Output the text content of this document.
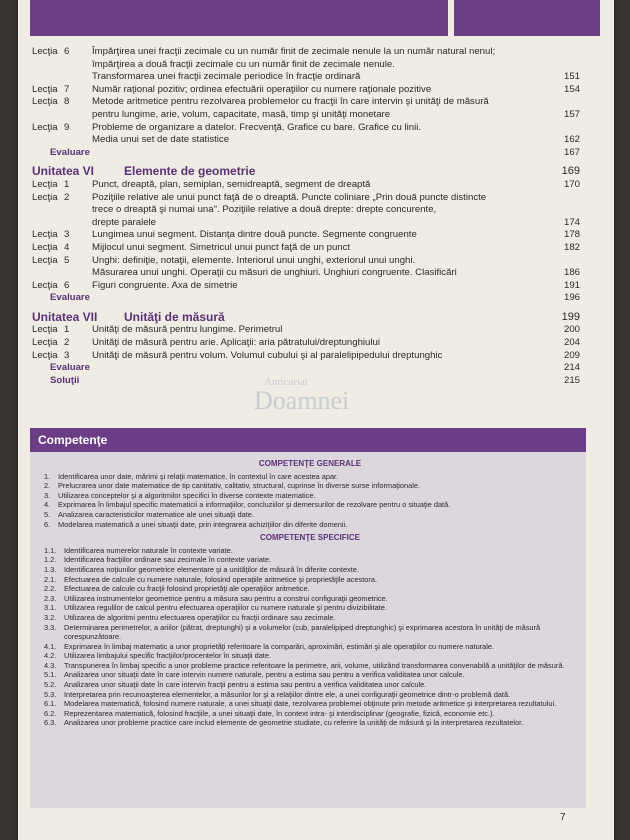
Lecţia 6	Împărţirea unei fracţii zecimale cu un număr finit de zecimale nenule la un număr natural nenul;
împărţirea a două fracţii zecimale cu un număr finit de zecimale nenule.
Transformarea unei fracţii zecimale periodice în fracţie ordinară	151
Lecţia 7	Număr raţional pozitiv; ordinea efectuării operaţiilor cu numere raţionale pozitive	154
Lecţia 8	Metode aritmetice pentru rezolvarea problemelor cu fracţii în care intervin şi unităţi de măsură
pentru lungime, arie, volum, capacitate, masă, timp şi unităţi monetare	157
Lecţia 9	Probleme de organizare a datelor. Frecvenţă. Grafice cu bare. Grafice cu linii.
Media unui set de date statistice	162
Evaluare	167
Unitatea VI	Elemente de geometrie	169
Lecţia 1	Punct, dreaptă, plan, semiplan, semidreaptă, segment de dreaptă	170
Lecţia 2	Poziţiile relative ale unui punct faţă de o dreaptă. Puncte coliniare „Prin două puncte distincte
trece o dreaptă şi numai una". Poziţiile relative a două drepte: drepte concurente,
drepte paralele	174
Lecţia 3	Lungimea unui segment. Distanţa dintre două puncte. Segmente congruente	178
Lecţia 4	Mijlocul unui segment. Simetricul unui punct faţă de un punct	182
Lecţia 5	Unghi: definiţie, notaţii, elemente. Interiorul unui unghi, exteriorul unui unghi.
Măsurarea unui unghi. Operaţii cu măsuri de unghiuri. Unghiuri congruente. Clasificări	186
Lecţia 6	Figuri congruente. Axa de simetrie	191
Evaluare	196
Unitatea VII	Unităţi de măsură	199
Lecţia 1	Unităţi de măsură pentru lungime. Perimetrul	200
Lecţia 2	Unităţi de măsură pentru arie. Aplicaţii: aria pătratului/dreptunghiului	204
Lecţia 3	Unităţi de măsură pentru volum. Volumul cubului şi al paralelipipedului dreptunghic	209
Evaluare	214
Soluţii	215
Anticariat
Doamnei
Competenţe
COMPETENŢE GENERALE
1.	Identificarea unor date, mărimi şi relaţii matematice, în contextul în care acestea apar.
2.	Prelucrarea unor date matematice de tip cantitativ, calitativ, structural, cuprinse în diverse surse informaţionale.
3.	Utilizarea conceptelor şi a algoritmilor specifici în diverse contexte matematice.
4.	Exprimarea în limbajul specific matematicii a informaţiilor, concluziilor şi demersurilor de rezolvare pentru o situaţie dată.
5.	Analizarea caracteristicilor matematice ale unei situaţii date.
6.	Modelarea matematică a unei situaţii date, prin integrarea achiziţiilor din diferite domenii.
COMPETENŢE SPECIFICE
1.1.	Identificarea numerelor naturale în contexte variate.
1.2.	Identificarea fracţiilor ordinare sau zecimale în contexte variate.
1.3.	Identificarea noţiunilor geometrice elementare şi a unităţilor de măsură în diferite contexte.
2.1.	Efectuarea de calcule cu numere naturale, folosind operaţiile aritmetice şi proprietăţile acestora.
2.2.	Efectuarea de calcule cu fracţii folosind proprietăţi ale operaţiilor aritmetice.
2.3.	Utilizarea instrumentelor geometrice pentru a măsura sau pentru a construi configuraţii geometrice.
3.1.	Utilizarea regulilor de calcul pentru efectuarea operaţiilor cu numere naturale şi pentru divizibilitate.
3.2.	Utilizarea de algoritmi pentru efectuarea operaţiilor cu fracţii ordinare sau zecimale.
3.3.	Determinarea perimetrelor, a ariilor (pătrat, dreptunghi) şi a volumelor (cub, paralelipiped dreptunghic) şi exprimarea acestora în unităţi de măsură corespunzătoare.
4.1.	Exprimarea în limbaj matematic a unor proprietăţi referitoare la comparări, aproximări, estimări şi ale operaţiilor cu numere naturale.
4.2.	Utilizarea limbajului specific fracţiilor/procentelor în situaţii date.
4.3.	Transpunerea în limbaj specific a unor probleme practice referitoare la perimetre, arii, volume, utilizând transformarea convenabilă a unităţilor de măsură.
5.1.	Analizarea unor situaţii date în care intervin numere naturale, pentru a estima sau pentru a verifica validitatea unor calcule.
5.2.	Analizarea unor situaţii date în care intervin fracţii pentru a estima sau pentru a verifica validitatea unor calcule.
5.3.	Interpretarea prin recunoaşterea elementelor, a măsurilor lor şi a relaţiilor dintre ele, a unei configuraţii geometrice dintr-o problemă dată.
6.1.	Modelarea matematică, folosind numere naturale, a unei situaţii date, rezolvarea problemei obţinute prin metode aritmetice şi interpretarea rezultatului.
6.2.	Reprezentarea matematică, folosind fracţiile, a unei situaţii date, în context intra- şi interdisciplinar (geografie, fizică, economie etc.).
6.3.	Analizarea unor probleme practice care includ elemente de geometrie studiate, cu referire la unităţi de măsură şi la interpretarea rezultatelor.
7
